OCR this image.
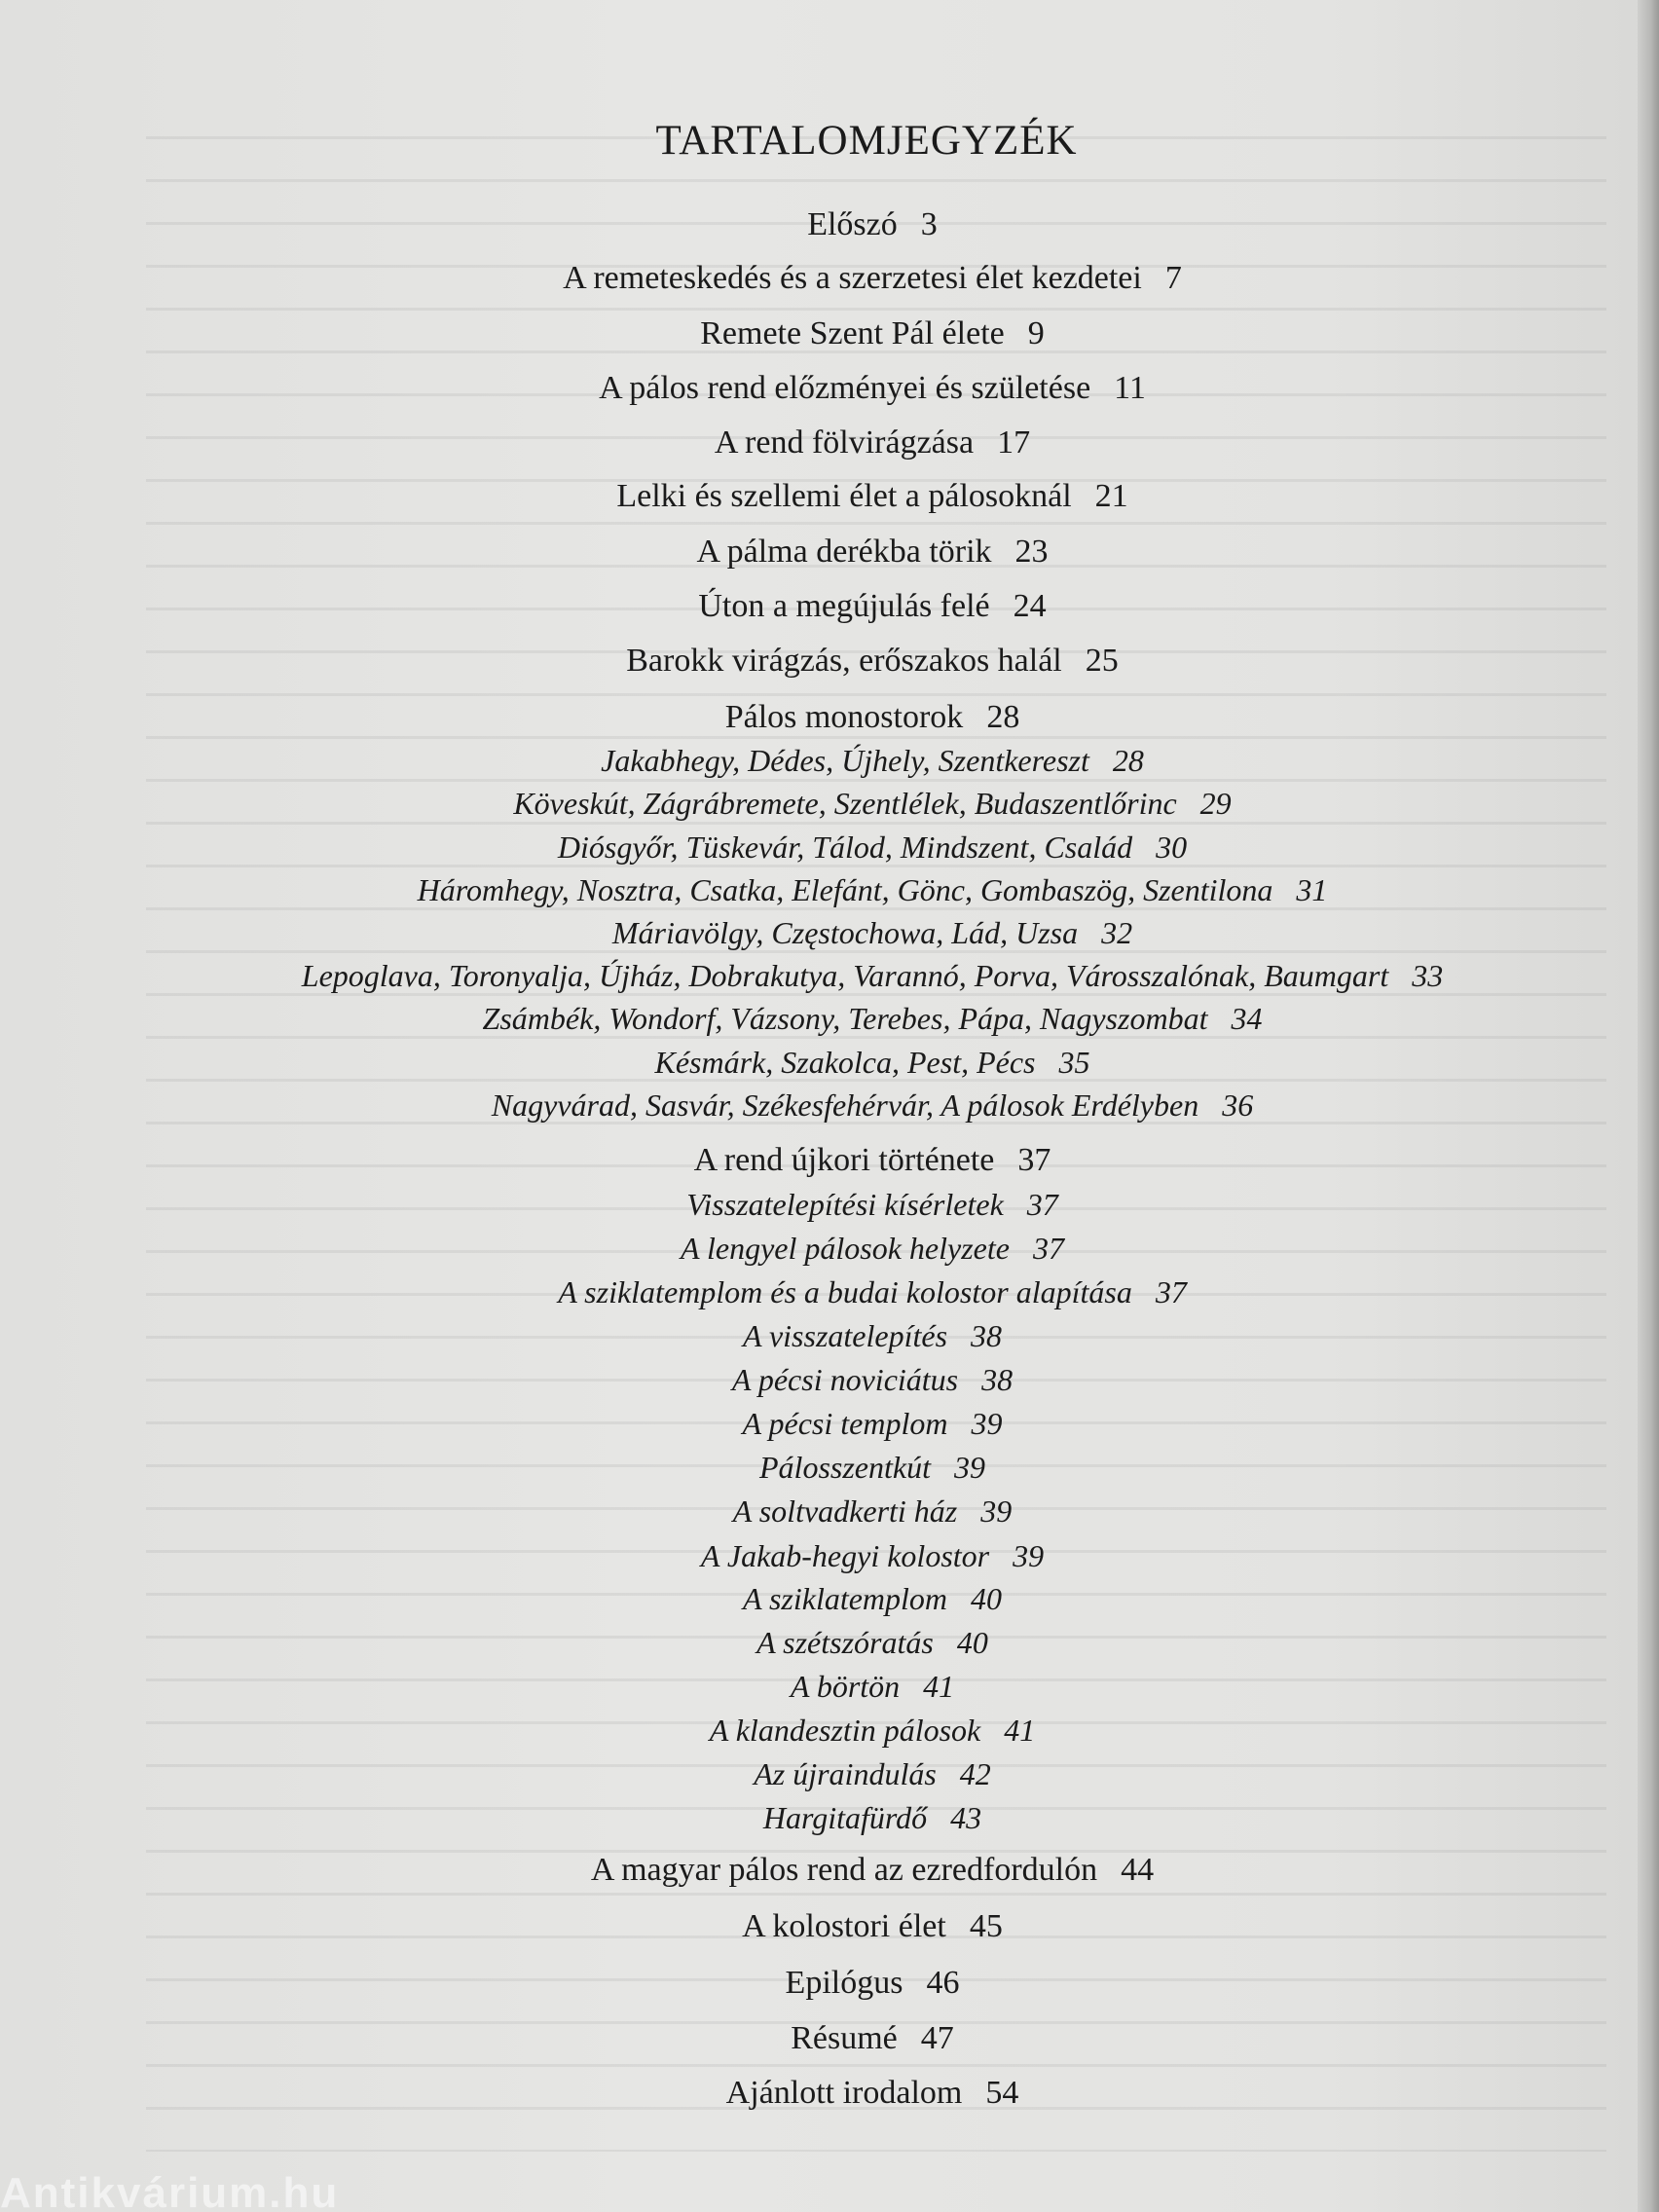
TARTALOMJEGYZÉK
Előszó 3
A remeteskedés és a szerzetesi élet kezdetei 7
Remete Szent Pál élete 9
A pálos rend előzményei és születése 11
A rend fölvirágzása 17
Lelki és szellemi élet a pálosoknál 21
A pálma derékba törik 23
Úton a megújulás felé 24
Barokk virágzás, erőszakos halál 25
Pálos monostorok 28
Jakabhegy, Dédes, Újhely, Szentkereszt 28
Köveskút, Zágrábremete, Szentlélek, Budaszentlőrinc 29
Diósgyőr, Tüskevár, Tálod, Mindszent, Család 30
Háromhegy, Nosztra, Csatka, Elefánt, Gönc, Gombaszög, Szentilona 31
Máriavölgy, Częstochowa, Lád, Uzsa 32
Lepoglava, Toronyalja, Újház, Dobrakutya, Varannó, Porva, Városszalónak, Baumgart 33
Zsámbék, Wondorf, Vázsony, Terebes, Pápa, Nagyszombat 34
Késmárk, Szakolca, Pest, Pécs 35
Nagyvárad, Sasvár, Székesfehérvár, A pálosok Erdélyben 36
A rend újkori története 37
Visszatelepítési kísérletek 37
A lengyel pálosok helyzete 37
A sziklatemplom és a budai kolostor alapítása 37
A visszatelepítés 38
A pécsi noviciátus 38
A pécsi templom 39
Pálosszentkút 39
A soltvadkerti ház 39
A Jakab-hegyi kolostor 39
A sziklatemplom 40
A szétszóratás 40
A börtön 41
A klandesztin pálosok 41
Az újraindulás 42
Hargitafürdő 43
A magyar pálos rend az ezredfordulón 44
A kolostori élet 45
Epilógus 46
Résumé 47
Ajánlott irodalom 54
Antikvárium.hu
